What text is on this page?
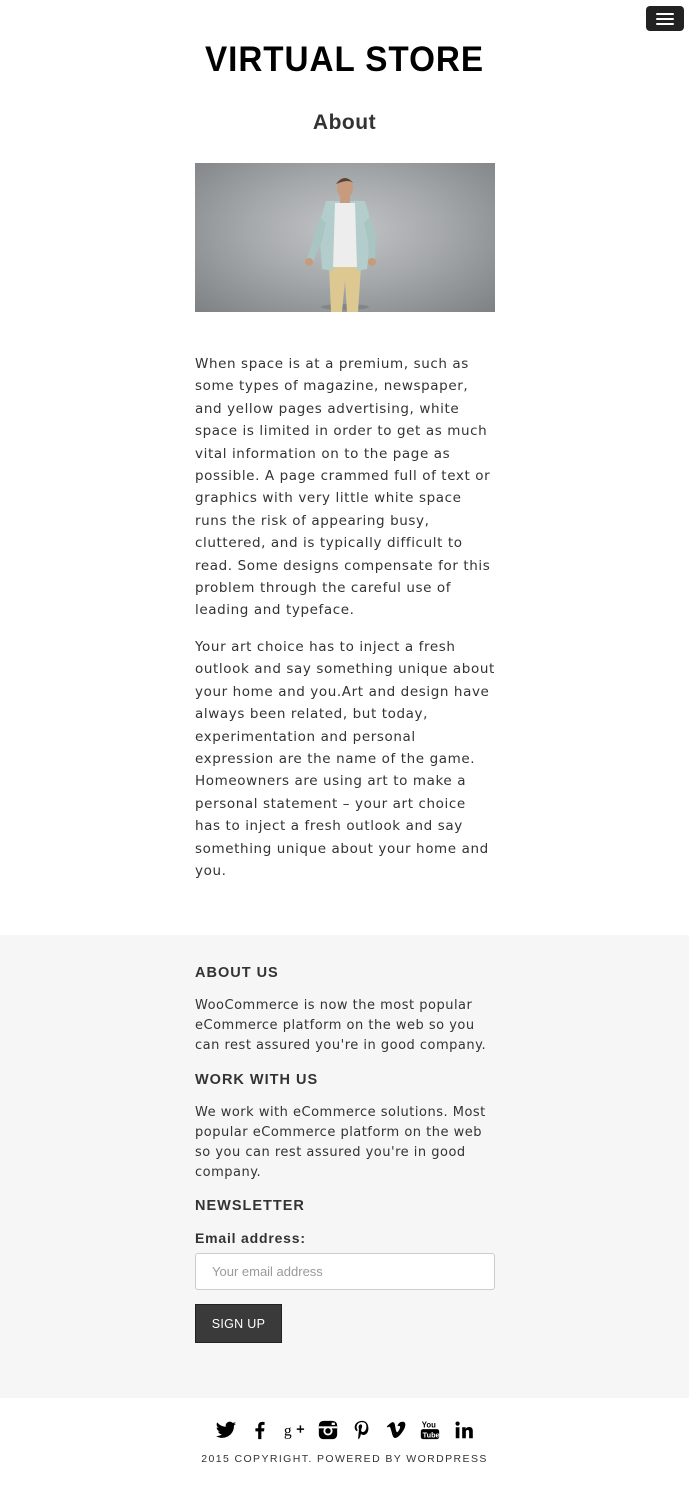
VIRTUAL STORE
About

When space is at a premium, such as some types of magazine, newspaper, and yellow pages advertising, white space is limited in order to get as much vital information on to the page as possible. A page crammed full of text or graphics with very little white space runs the risk of appearing busy, cluttered, and is typically difficult to read. Some designs compensate for this problem through the careful use of leading and typeface.

Your art choice has to inject a fresh outlook and say something unique about your home and you.Art and design have always been related, but today, experimentation and personal expression are the name of the game. Homeowners are using art to make a personal statement – your art choice has to inject a fresh outlook and say something unique about your home and you.

ABOUT US

WooCommerce is now the most popular eCommerce platform on the web so you can rest assured you're in good company.

WORK WITH US

We work with eCommerce solutions. Most popular eCommerce platform on the web so you can rest assured you're in good company.

NEWSLETTER
Email address:
Your email address
SIGN UP
g	You
Tube
2015 COPYRIGHT. POWERED BY WORDPRESS
